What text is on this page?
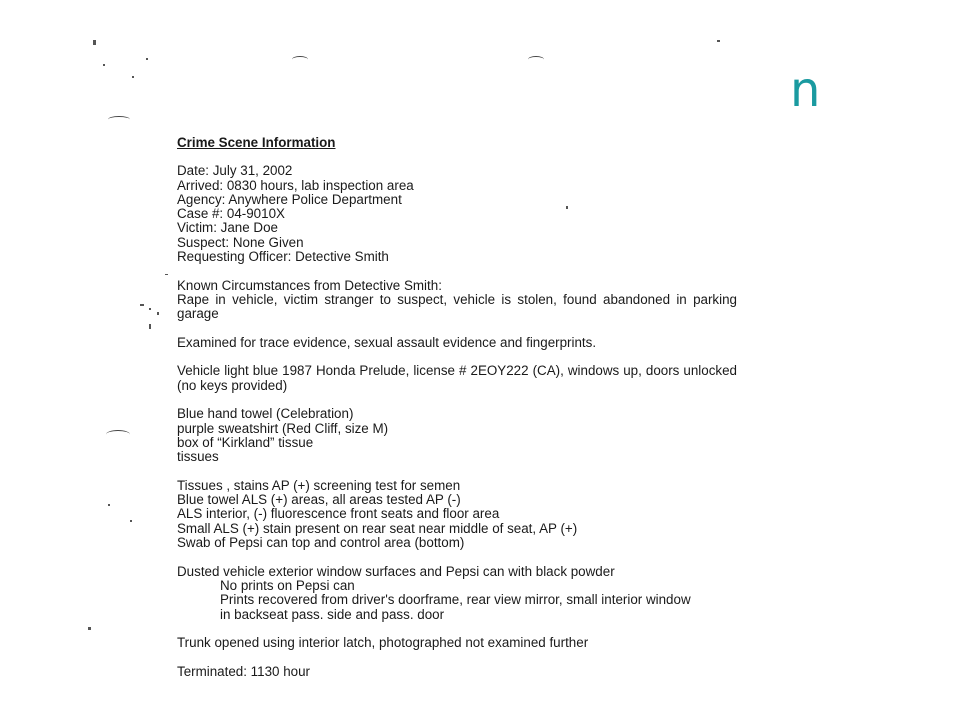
n
Crime Scene Information
Date: July 31, 2002
Arrived: 0830 hours, lab inspection area
Agency: Anywhere Police Department
Case #: 04-9010X
Victim: Jane Doe
Suspect: None Given
Requesting Officer: Detective Smith
Known Circumstances from Detective Smith:
Rape in vehicle, victim stranger to suspect, vehicle is stolen, found abandoned in parking garage
Examined for trace evidence, sexual assault evidence and fingerprints.
Vehicle light blue 1987 Honda Prelude, license # 2EOY222 (CA), windows up, doors unlocked (no keys provided)
Blue hand towel (Celebration)
purple sweatshirt (Red Cliff, size M)
box of “Kirkland” tissue
tissues
Tissues , stains AP (+) screening test for semen
Blue towel ALS (+) areas, all areas tested AP (-)
ALS interior, (-) fluorescence front seats and floor area
Small ALS (+) stain present on rear seat near middle of seat, AP (+)
Swab of Pepsi can top and control area (bottom)
Dusted vehicle exterior window surfaces and Pepsi can with black powder
No prints on Pepsi can
Prints recovered from driver's doorframe, rear view mirror, small interior window
in backseat pass. side and pass. door
Trunk opened using interior latch, photographed not examined further
Terminated: 1130 hour
